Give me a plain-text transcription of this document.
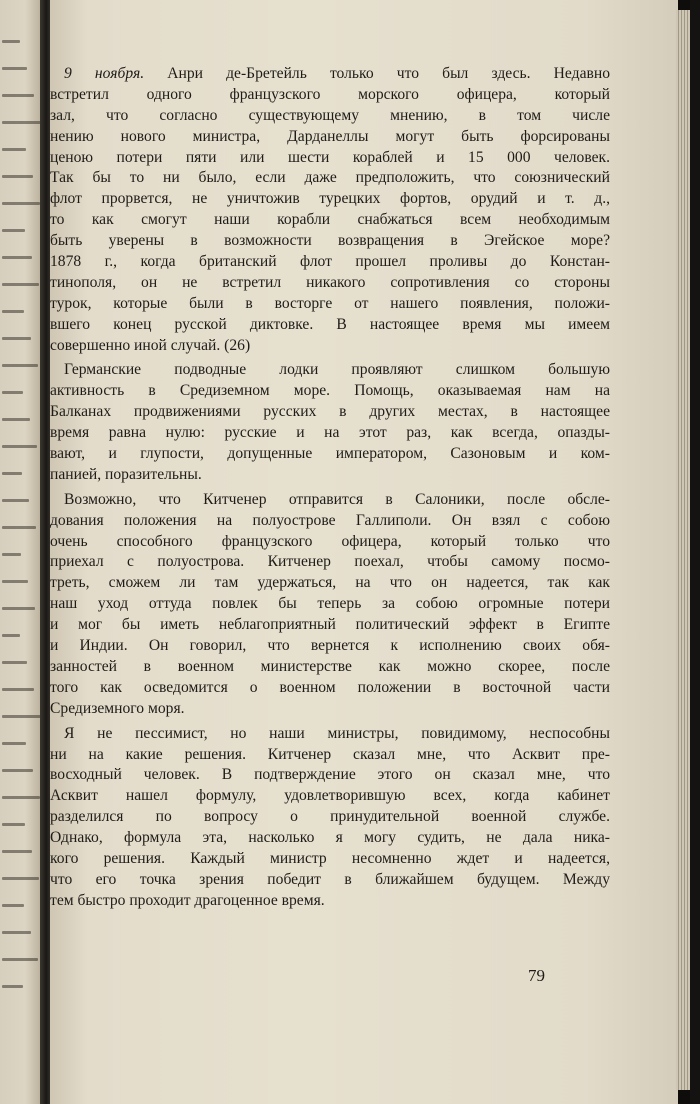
9 ноября. Анри де-Бретейль только что был здесь. Недавно
встретил одного французского морского офицера, который
зал, что согласно существующему мнению, в том числе
нению нового министра, Дарданеллы могут быть форсированы
ценою потери пяти или шести кораблей и 15 000 человек.
Так бы то ни было, если даже предположить, что союзнический
флот прорвется, не уничтожив турецких фортов, орудий и т. д.,
то как смогут наши корабли снабжаться всем необходимым
быть уверены в возможности возвращения в Эгейское море?
1878 г., когда британский флот прошел проливы до Констан-
тинополя, он не встретил никакого сопротивления со стороны
турок, которые были в восторге от нашего появления, положи-
вшего конец русской диктовке. В настоящее время мы имеем
совершенно иной случай. (26)
Германские подводные лодки проявляют слишком большую
активность в Средиземном море. Помощь, оказываемая нам на
Балканах продвижениями русских в других местах, в настоящее
время равна нулю: русские и на этот раз, как всегда, опазды-
вают, и глупости, допущенные императором, Сазоновым и ком-
панией, поразительны.
Возможно, что Китченер отправится в Салоники, после обсле-
дования положения на полуострове Галлиполи. Он взял с собою
очень способного французского офицера, который только что
приехал с полуострова. Китченер поехал, чтобы самому посмо-
треть, сможем ли там удержаться, на что он надеется, так как
наш уход оттуда повлек бы теперь за собою огромные потери
и мог бы иметь неблагоприятный политический эффект в Египте
и Индии. Он говорил, что вернется к исполнению своих обя-
занностей в военном министерстве как можно скорее, после
того как осведомится о военном положении в восточной части
Средиземного моря.
Я не пессимист, но наши министры, повидимому, неспособны
ни на какие решения. Китченер сказал мне, что Асквит пре-
восходный человек. В подтверждение этого он сказал мне, что
Асквит нашел формулу, удовлетворившую всех, когда кабинет
разделился по вопросу о принудительной военной службе.
Однако, формула эта, насколько я могу судить, не дала ника-
кого решения. Каждый министр несомненно ждет и надеется,
что его точка зрения победит в ближайшем будущем. Между
тем быстро проходит драгоценное время.
79
